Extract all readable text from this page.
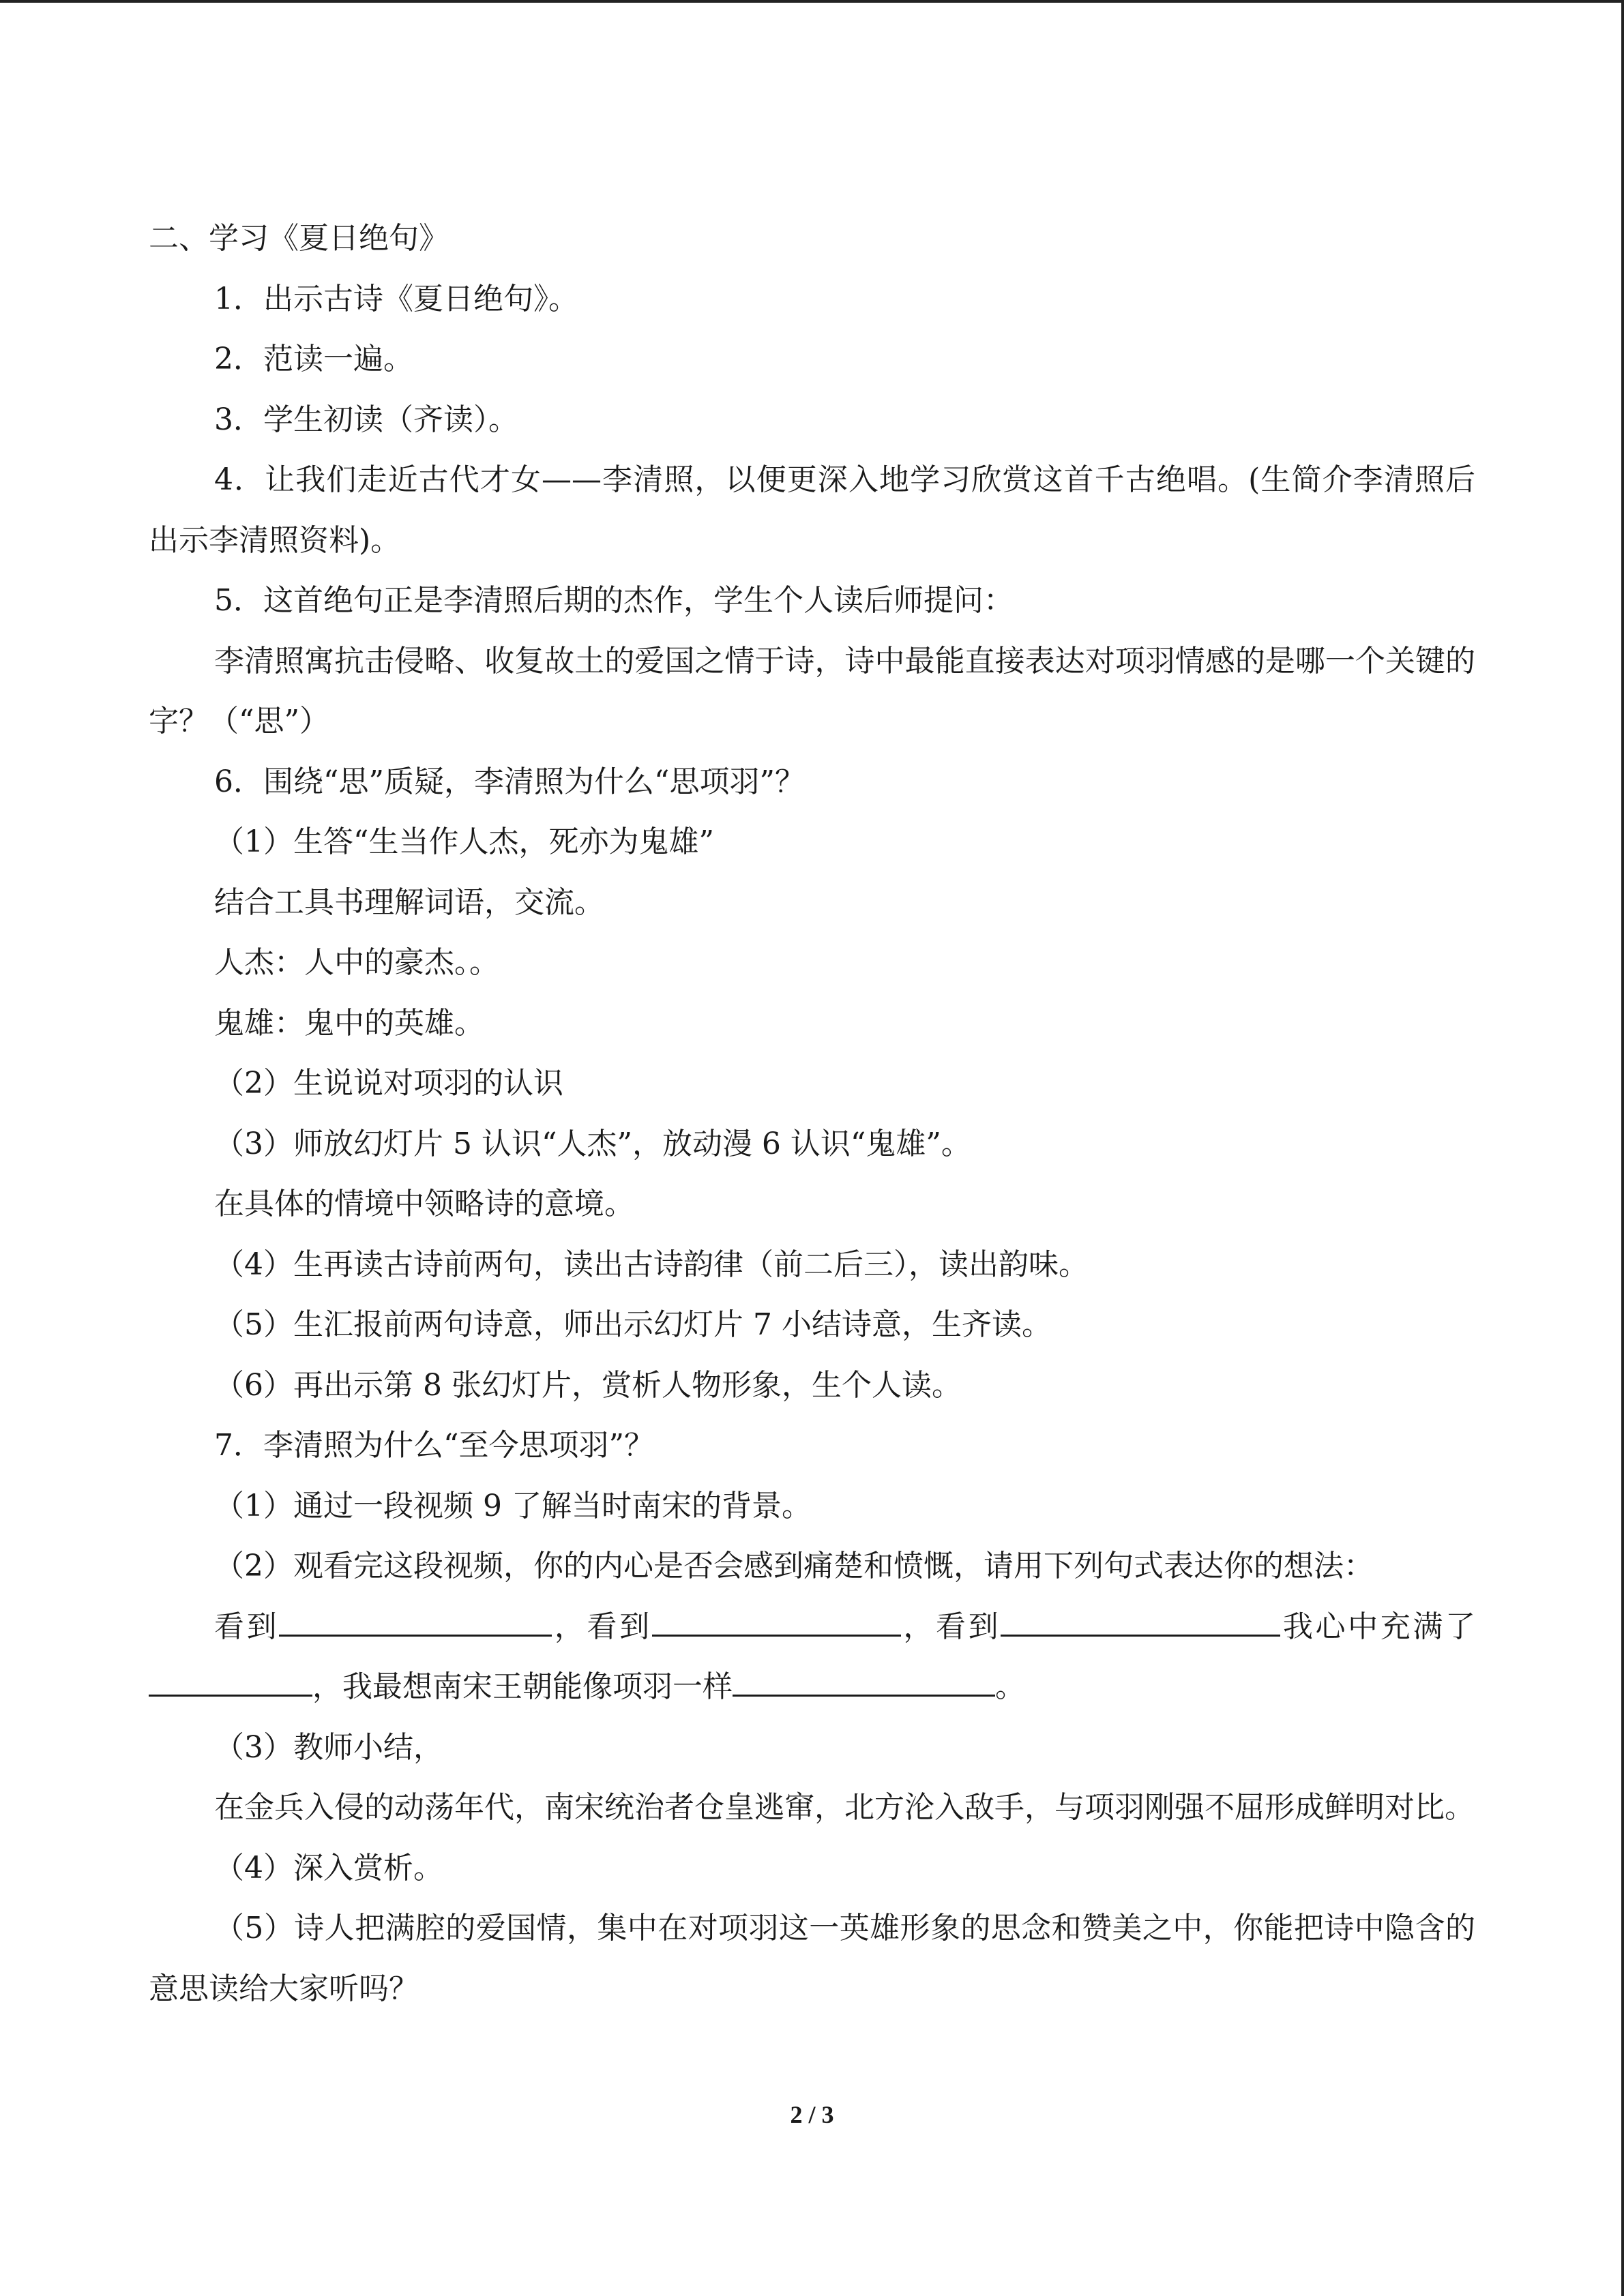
二、学习《夏日绝句》

1．出示古诗《夏日绝句》。

2．范读一遍。

3．学生初读（齐读）。

4．让我们走近古代才女——李清照，以便更深入地学习欣赏这首千古绝唱。(生简介李清照后出示李清照资料)。

5．这首绝句正是李清照后期的杰作，学生个人读后师提问：

李清照寓抗击侵略、收复故土的爱国之情于诗，诗中最能直接表达对项羽情感的是哪一个关键的字？（“思”）

6．围绕“思”质疑，李清照为什么“思项羽”？

（1）生答“生当作人杰，死亦为鬼雄”

结合工具书理解词语，交流。

人杰：人中的豪杰。。

鬼雄：鬼中的英雄。

（2）生说说对项羽的认识

（3）师放幻灯片 5 认识“人杰”，放动漫 6 认识“鬼雄”。

在具体的情境中领略诗的意境。

（4）生再读古诗前两句，读出古诗韵律（前二后三），读出韵味。

（5）生汇报前两句诗意，师出示幻灯片 7 小结诗意，生齐读。

（6）再出示第 8 张幻灯片，赏析人物形象，生个人读。

7．李清照为什么“至今思项羽”？

（1）通过一段视频 9 了解当时南宋的背景。

（2）观看完这段视频，你的内心是否会感到痛楚和愤慨，请用下列句式表达你的想法：

看到	，看到	，看到	我心中充满了，我最想南宋王朝能像项羽一样	。

（3）教师小结，

在金兵入侵的动荡年代，南宋统治者仓皇逃窜，北方沦入敌手，与项羽刚强不屈形成鲜明对比。

（4）深入赏析。

（5）诗人把满腔的爱国情，集中在对项羽这一英雄形象的思念和赞美之中，你能把诗中隐含的意思读给大家听吗？

2 / 3
